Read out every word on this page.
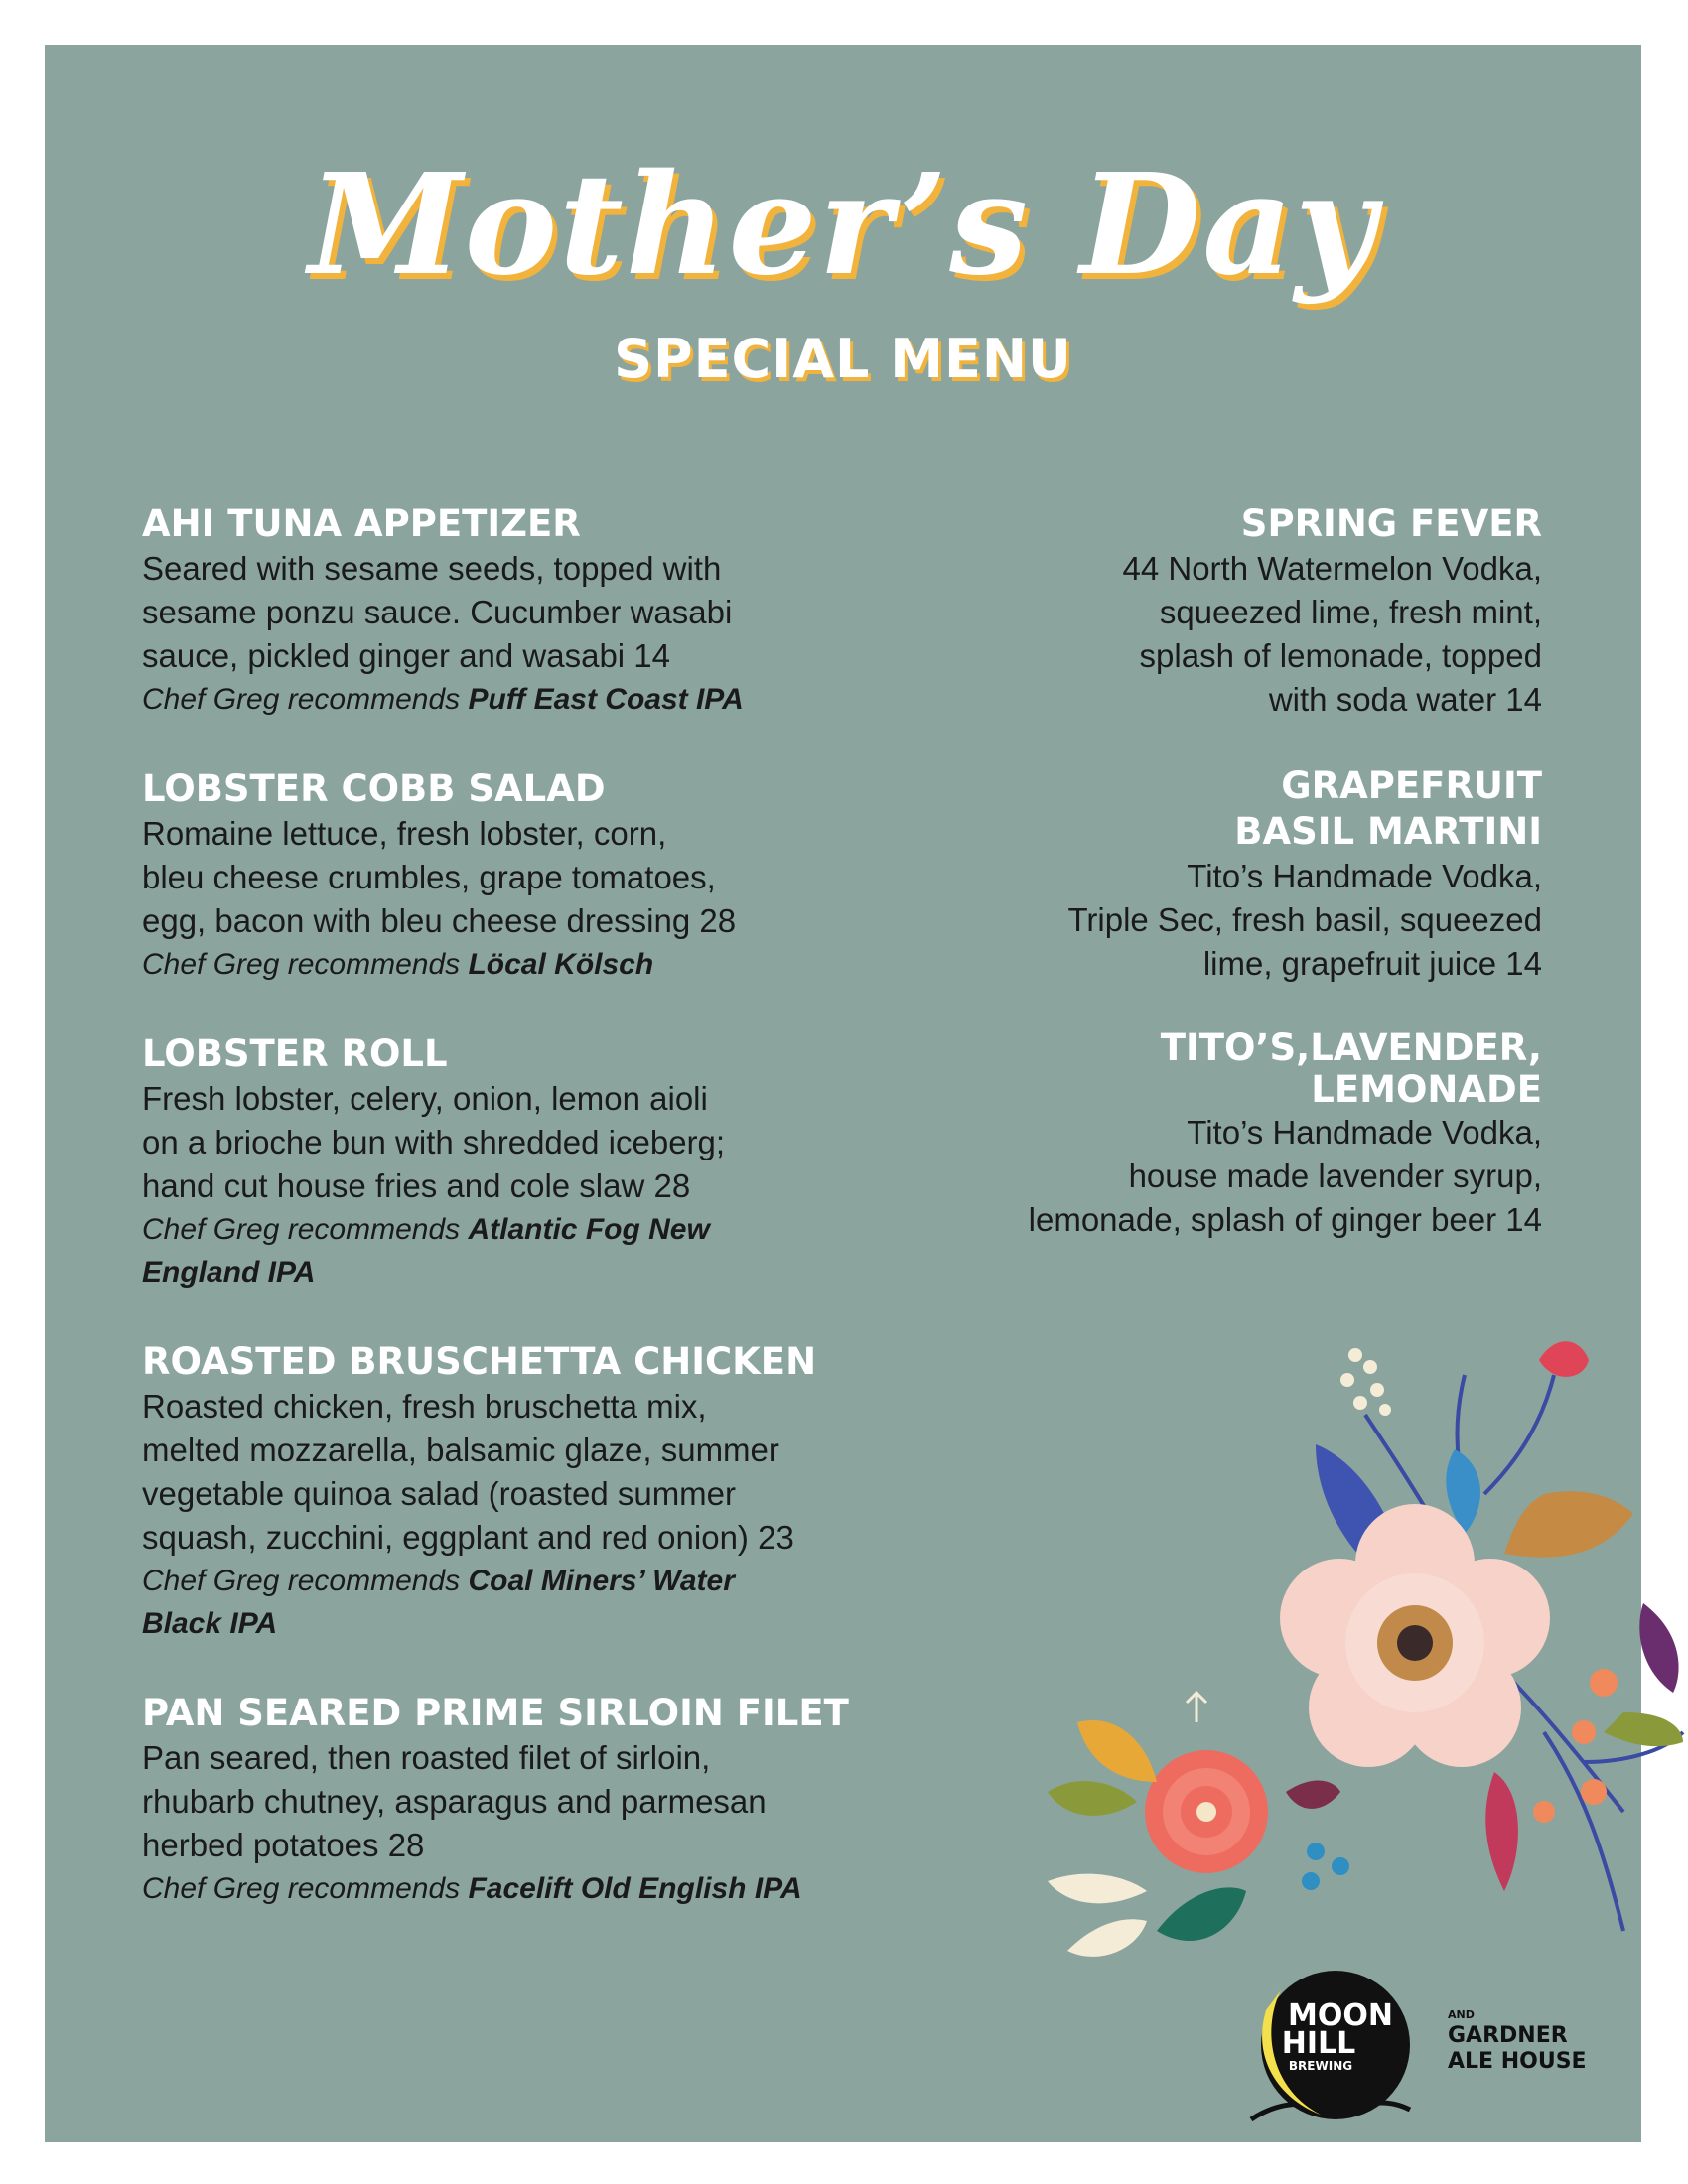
Mother’s Day
SPECIAL MENU
AHI TUNA APPETIZER
Seared with sesame seeds, topped with
sesame ponzu sauce. Cucumber wasabi
sauce, pickled ginger and wasabi 14
Chef Greg recommends Puff East Coast IPA
LOBSTER COBB SALAD
Romaine lettuce, fresh lobster, corn,
bleu cheese crumbles, grape tomatoes,
egg, bacon with bleu cheese dressing 28
Chef Greg recommends Löcal Kölsch
LOBSTER ROLL
Fresh lobster, celery, onion, lemon aioli
on a brioche bun with shredded iceberg;
hand cut house fries and cole slaw 28
Chef Greg recommends Atlantic Fog New England IPA
ROASTED BRUSCHETTA CHICKEN
Roasted chicken, fresh bruschetta mix,
melted mozzarella, balsamic glaze, summer
vegetable quinoa salad (roasted summer
squash, zucchini, eggplant and red onion) 23
Chef Greg recommends Coal Miners’ Water Black IPA
PAN SEARED PRIME SIRLOIN FILET
Pan seared, then roasted filet of sirloin,
rhubarb chutney, asparagus and parmesan
herbed potatoes 28
Chef Greg recommends Facelift Old English IPA
SPRING FEVER
44 North Watermelon Vodka,
squeezed lime, fresh mint,
splash of lemonade, topped
with soda water 14
GRAPEFRUIT
BASIL MARTINI
Tito’s Handmade Vodka,
Triple Sec, fresh basil, squeezed
lime, grapefruit juice 14
TITO’S,LAVENDER,
LEMONADE
Tito’s Handmade Vodka,
house made lavender syrup,
lemonade, splash of ginger beer 14
MOON
HILL
BREWING
AND
GARDNER
ALE HOUSE
